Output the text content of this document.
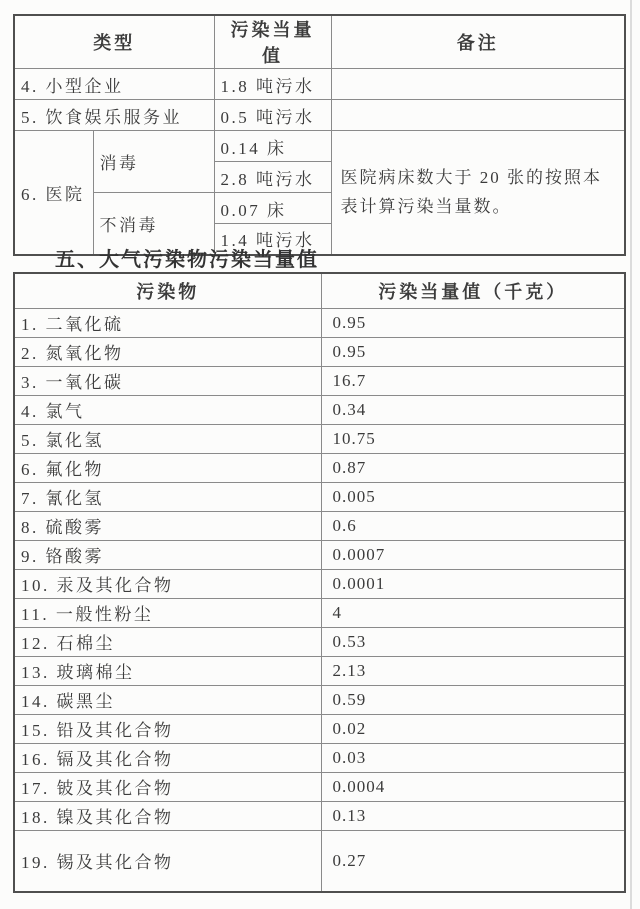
类型		污染当量值	备注
4. 小型企业		1.8 吨污水	
5. 饮食娱乐服务业		0.5 吨污水	
6. 医院	消毒	0.14 床	医院病床数大于 20 张的按照本表计算污染当量数。
		2.8 吨污水	
	不消毒	0.07 床	
		1.4 吨污水	
五、大气污染物污染当量值
污染物	污染当量值（千克）
1. 二氧化硫	0.95
2. 氮氧化物	0.95
3. 一氧化碳	16.7
4. 氯气	0.34
5. 氯化氢	10.75
6. 氟化物	0.87
7. 氰化氢	0.005
8. 硫酸雾	0.6
9. 铬酸雾	0.0007
10. 汞及其化合物	0.0001
11. 一般性粉尘	4
12. 石棉尘	0.53
13. 玻璃棉尘	2.13
14. 碳黑尘	0.59
15. 铅及其化合物	0.02
16. 镉及其化合物	0.03
17. 铍及其化合物	0.0004
18. 镍及其化合物	0.13
19. 锡及其化合物	0.27
